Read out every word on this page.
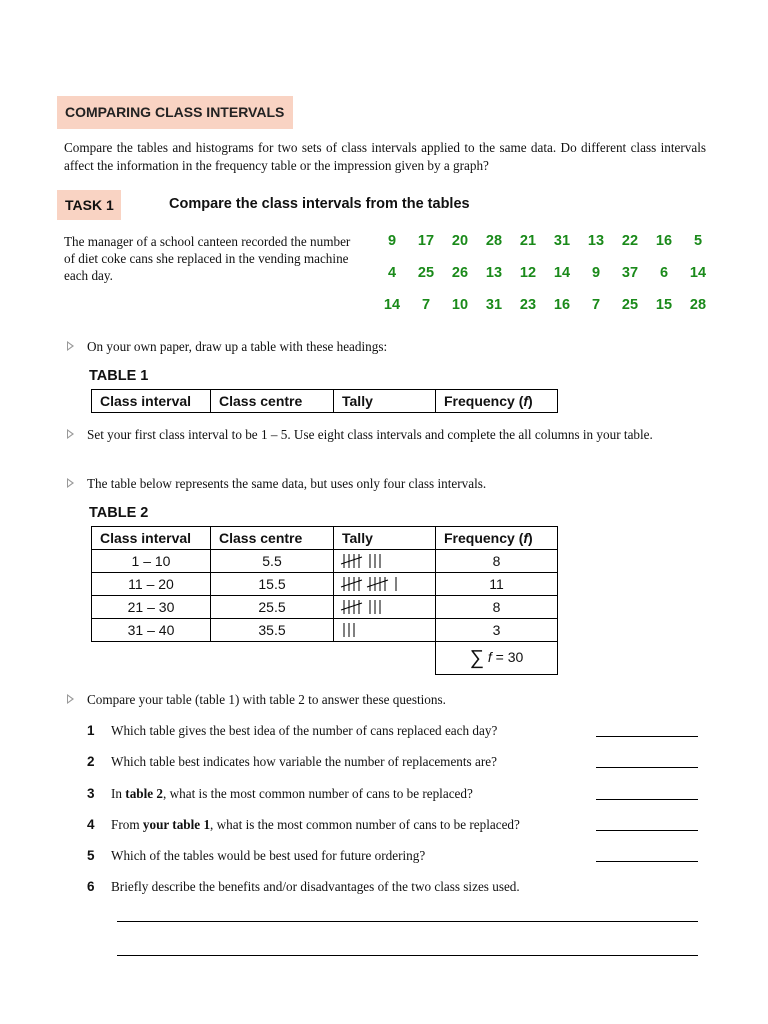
COMPARING CLASS INTERVALS
Compare the tables and histograms for two sets of class intervals applied to the same data. Do different class intervals affect the information in the frequency table or the impression given by a graph?
TASK 1	Compare the class intervals from the tables
The manager of a school canteen recorded the number of diet coke cans she replaced in the vending machine each day.
9	17	20	28	21	31	13	22	16	5
4	25	26	13	12	14	9	37	6	14
14	7	10	31	23	16	7	25	15	28
On your own paper, draw up a table with these headings:
TABLE 1
Class interval	Class centre	Tally	Frequency (f)
Set your first class interval to be 1 – 5. Use eight class intervals and complete the all columns in your table.
The table below represents the same data, but uses only four class intervals.
TABLE 2
Class interval	Class centre	Tally	Frequency (f)
1 – 10	5.5		8
11 – 20	15.5		11
21 – 30	25.5		8
31 – 40	35.5		3
			∑ f = 30
Compare your table (table 1) with table 2 to answer these questions.
1 Which table gives the best idea of the number of cans replaced each day?
2 Which table best indicates how variable the number of replacements are?
3 In table 2, what is the most common number of cans to be replaced?
4 From your table 1, what is the most common number of cans to be replaced?
5 Which of the tables would be best used for future ordering?
6 Briefly describe the benefits and/or disadvantages of the two class sizes used.
